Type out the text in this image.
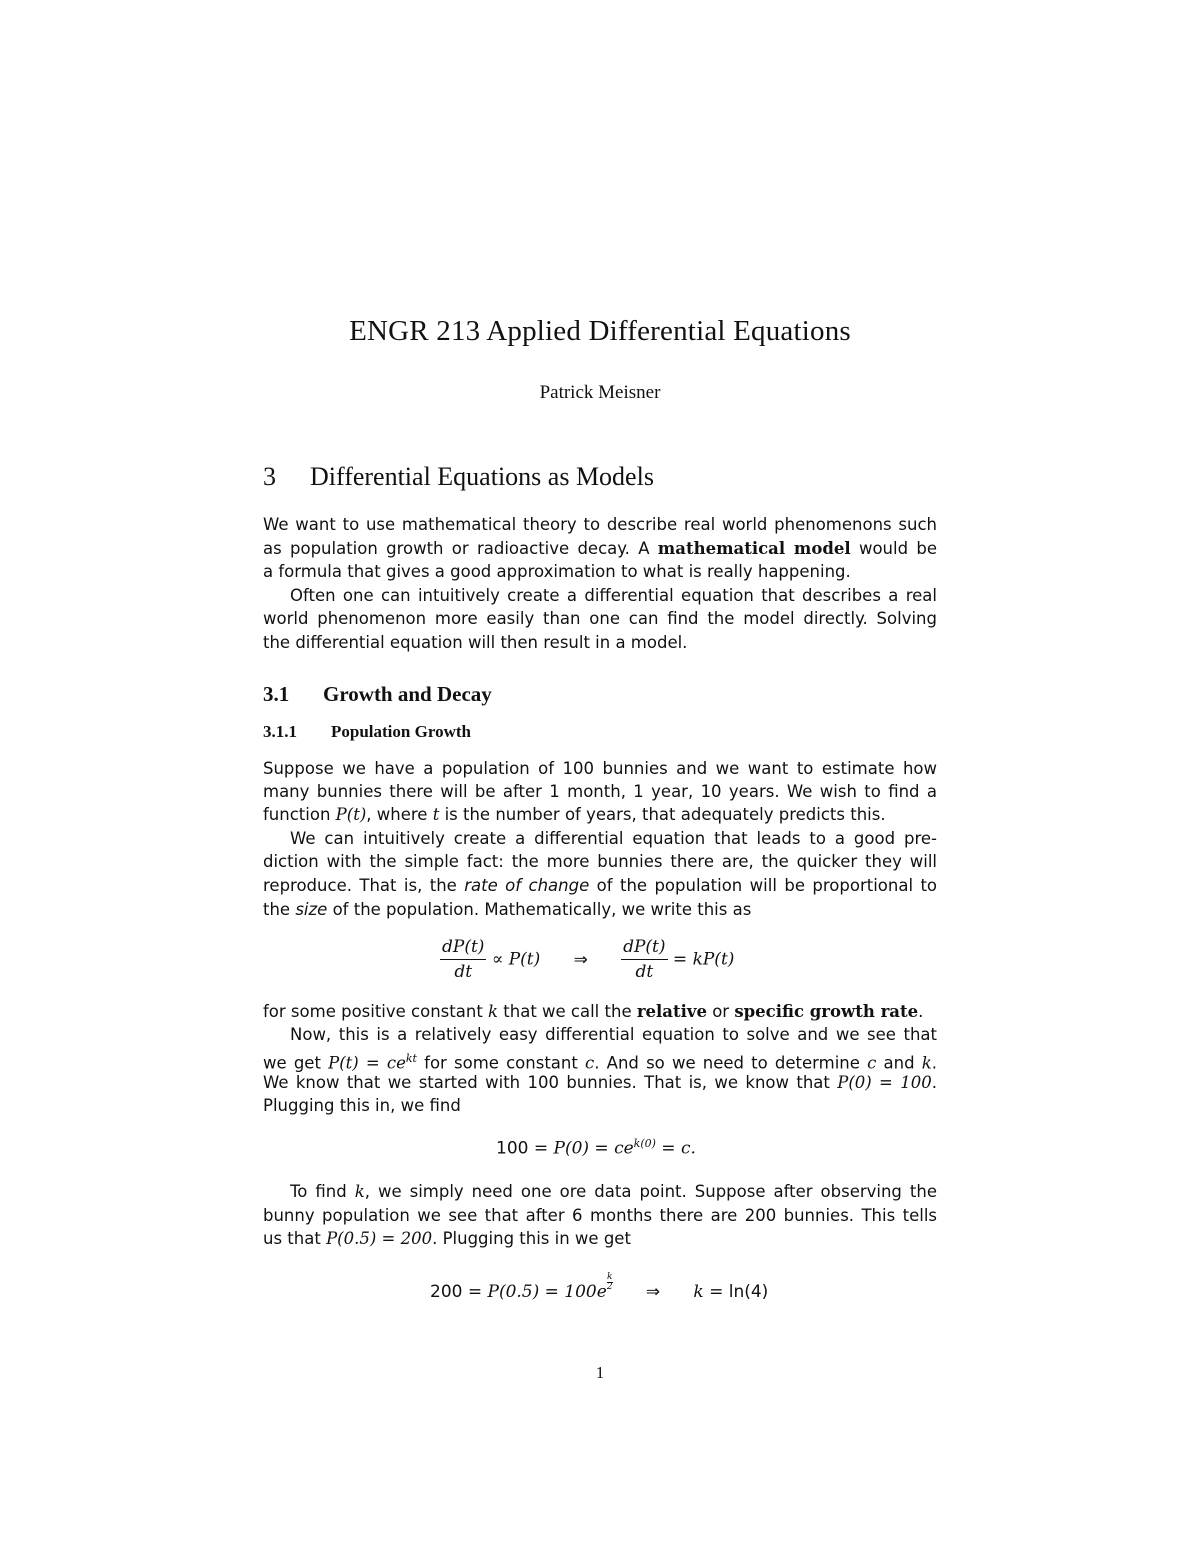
ENGR 213 Applied Differential Equations
Patrick Meisner
3 Differential Equations as Models
We want to use mathematical theory to describe real world phenomenons such
as population growth or radioactive decay. A mathematical model would be
a formula that gives a good approximation to what is really happening.
Often one can intuitively create a differential equation that describes a real
world phenomenon more easily than one can find the model directly. Solving
the differential equation will then result in a model.
3.1 Growth and Decay
3.1.1 Population Growth
Suppose we have a population of 100 bunnies and we want to estimate how
many bunnies there will be after 1 month, 1 year, 10 years. We wish to find a
function P(t), where t is the number of years, that adequately predicts this.
We can intuitively create a differential equation that leads to a good pre-
diction with the simple fact: the more bunnies there are, the quicker they will
reproduce. That is, the rate of change of the population will be proportional to
the size of the population. Mathematically, we write this as
$\frac{dP(t)}{dt} \propto P(t)$ ⇒ $\frac{dP(t)}{dt} = kP(t)$
for some positive constant k that we call the relative or specific growth rate.
Now, this is a relatively easy differential equation to solve and we see that
we get $P(t) = ce^{kt}$ for some constant c. And so we need to determine c and k.
We know that we started with 100 bunnies. That is, we know that P(0) = 100.
Plugging this in, we find
$100 = P(0) = ce^{k(0)} = c$.
To find k, we simply need one ore data point. Suppose after observing the
bunny population we see that after 6 months there are 200 bunnies. This tells
us that P(0.5) = 200. Plugging this in we get
200 = P(0.5) = 100e $^{\frac{k}{2}}$ ⇒ k = ln(4)
1
